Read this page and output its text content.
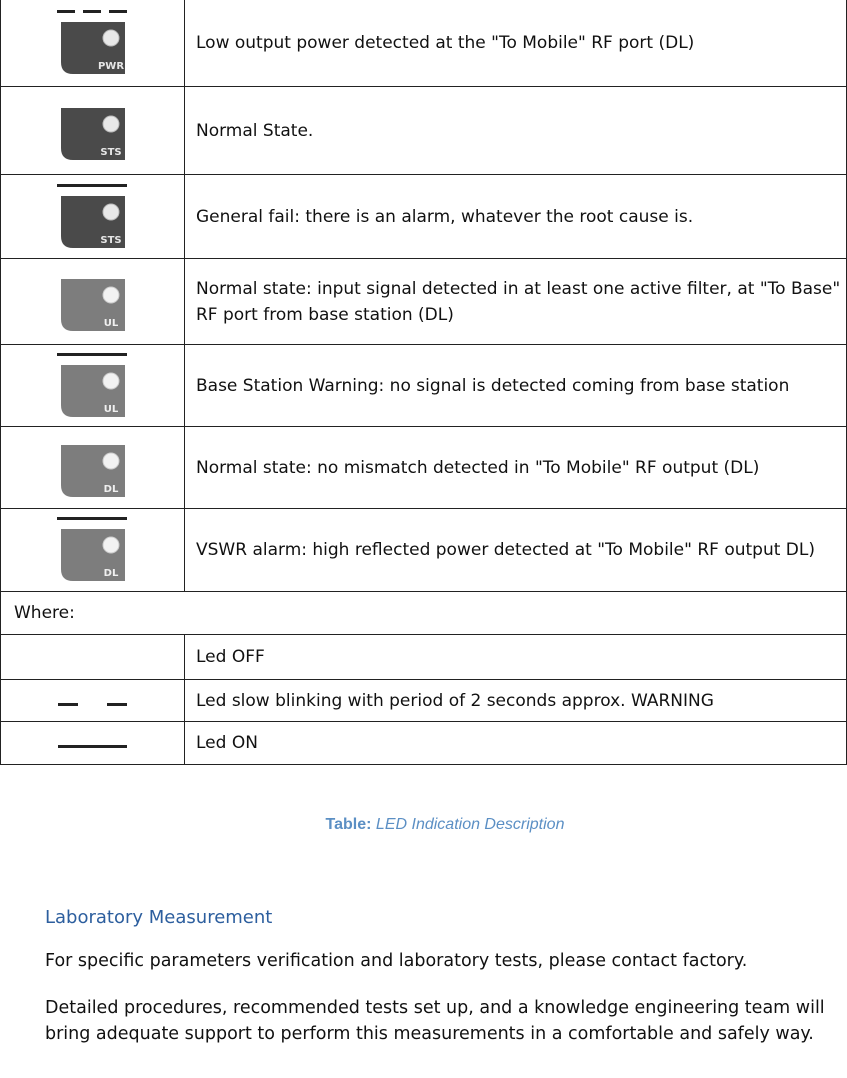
PWR	Low output power detected at the "To Mobile" RF port (DL)

STS	Normal State.

STS	General fail: there is an alarm, whatever the root cause is.

UL	Normal state: input signal detected in at least one active filter, at "To Base" RF port from base station (DL)

UL	Base Station Warning: no signal is detected coming from base station

DL	Normal state: no mismatch detected in "To Mobile" RF output (DL)

DL	VSWR alarm: high reflected power detected at "To Mobile" RF output DL)
Where:	
	Led OFF

	Led slow blinking with period of 2 seconds approx. WARNING

	Led ON
Table: LED Indication Description
Laboratory Measurement
For specific parameters verification and laboratory tests, please contact factory.
Detailed procedures, recommended tests set up, and a knowledge engineering team will bring adequate support to perform this measurements in a comfortable and safely way.
